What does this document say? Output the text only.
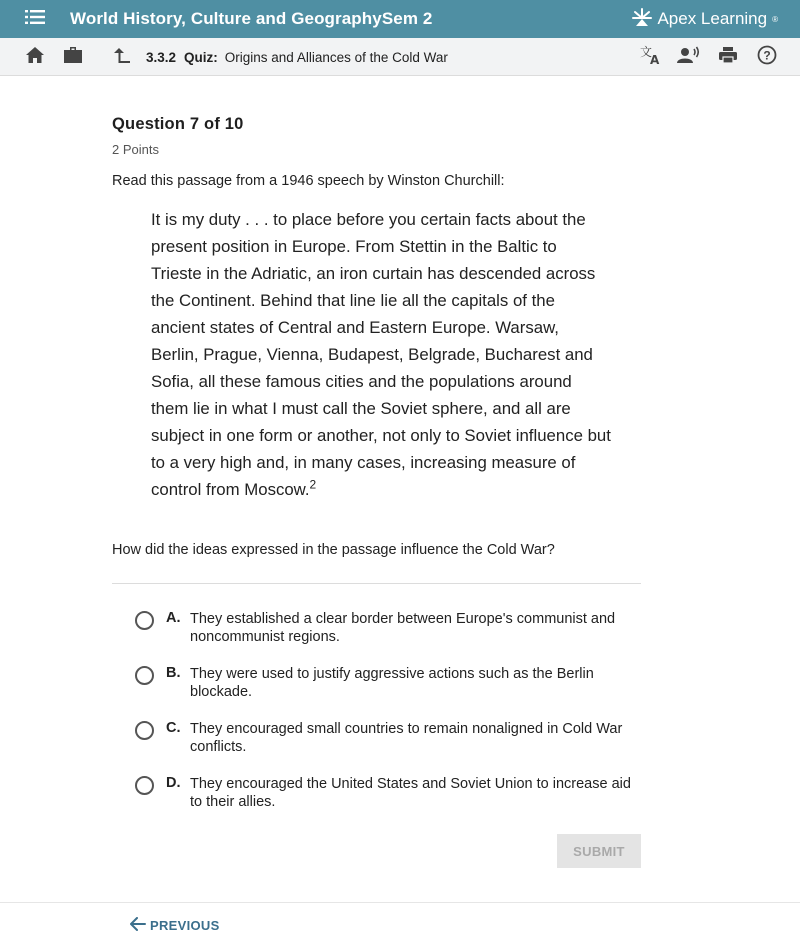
World History, Culture and GeographySem 2	Apex Learning ®
3.3.2 Quiz: Origins and Alliances of the Cold War	文
A	?
Question 7 of 10
2 Points
Read this passage from a 1946 speech by Winston Churchill:
It is my duty . . . to place before you certain facts about the present position in Europe. From Stettin in the Baltic to Trieste in the Adriatic, an iron curtain has descended across the Continent. Behind that line lie all the capitals of the ancient states of Central and Eastern Europe. Warsaw, Berlin, Prague, Vienna, Budapest, Belgrade, Bucharest and Sofia, all these famous cities and the populations around them lie in what I must call the Soviet sphere, and all are subject in one form or another, not only to Soviet influence but to a very high and, in many cases, increasing measure of control from Moscow.$^2$
How did the ideas expressed in the passage influence the Cold War?
A. They established a clear border between Europe's communist and noncommunist regions.
B. They were used to justify aggressive actions such as the Berlin blockade.
C. They encouraged small countries to remain nonaligned in Cold War conflicts.
D. They encouraged the United States and Soviet Union to increase aid to their allies.
SUBMIT
PREVIOUS
